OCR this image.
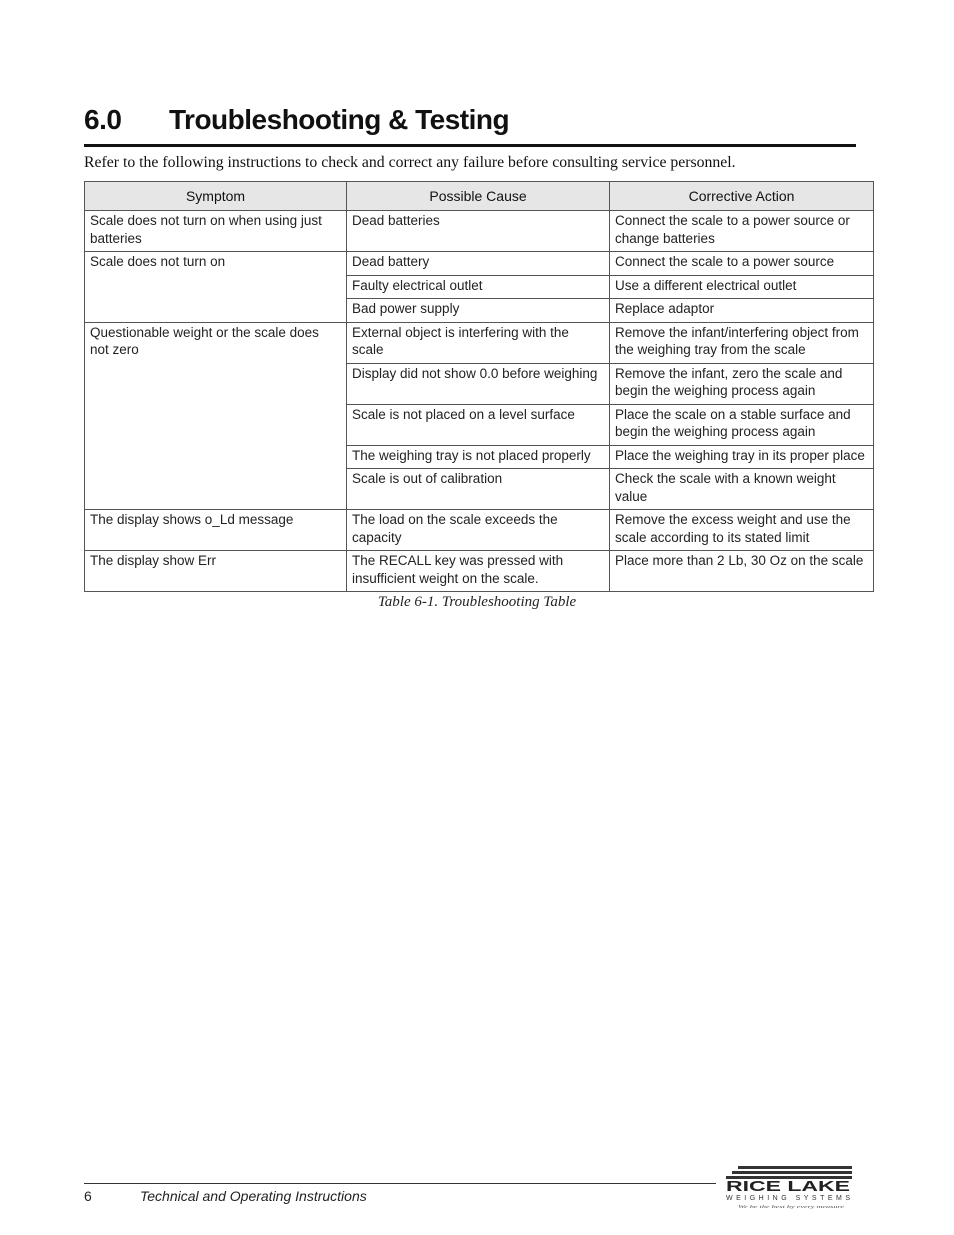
6.0 Troubleshooting & Testing
Refer to the following instructions to check and correct any failure before consulting service personnel.
Symptom	Possible Cause	Corrective Action
Scale does not turn on when using just batteries	Dead batteries	Connect the scale to a power source or change batteries
Scale does not turn on	Dead battery	Connect the scale to a power source
	Faulty electrical outlet	Use a different electrical outlet
	Bad power supply	Replace adaptor
Questionable weight or the scale does not zero	External object is interfering with the scale	Remove the infant/interfering object from the weighing tray from the scale
	Display did not show 0.0 before weighing	Remove the infant, zero the scale and begin the weighing process again
	Scale is not placed on a level surface	Place the scale on a stable surface and begin the weighing process again
	The weighing tray is not placed properly	Place the weighing tray in its proper place
	Scale is out of calibration	Check the scale with a known weight value
The display shows o_Ld message	The load on the scale exceeds the capacity	Remove the excess weight and use the scale according to its stated limit
The display show Err	The RECALL key was pressed with insufficient weight on the scale.	Place more than 2 Lb, 30 Oz on the scale
Table 6-1. Troubleshooting Table
6	Technical and Operating Instructions
RICE LAKE
WEIGHING SYSTEMS
We be the best by every measure
